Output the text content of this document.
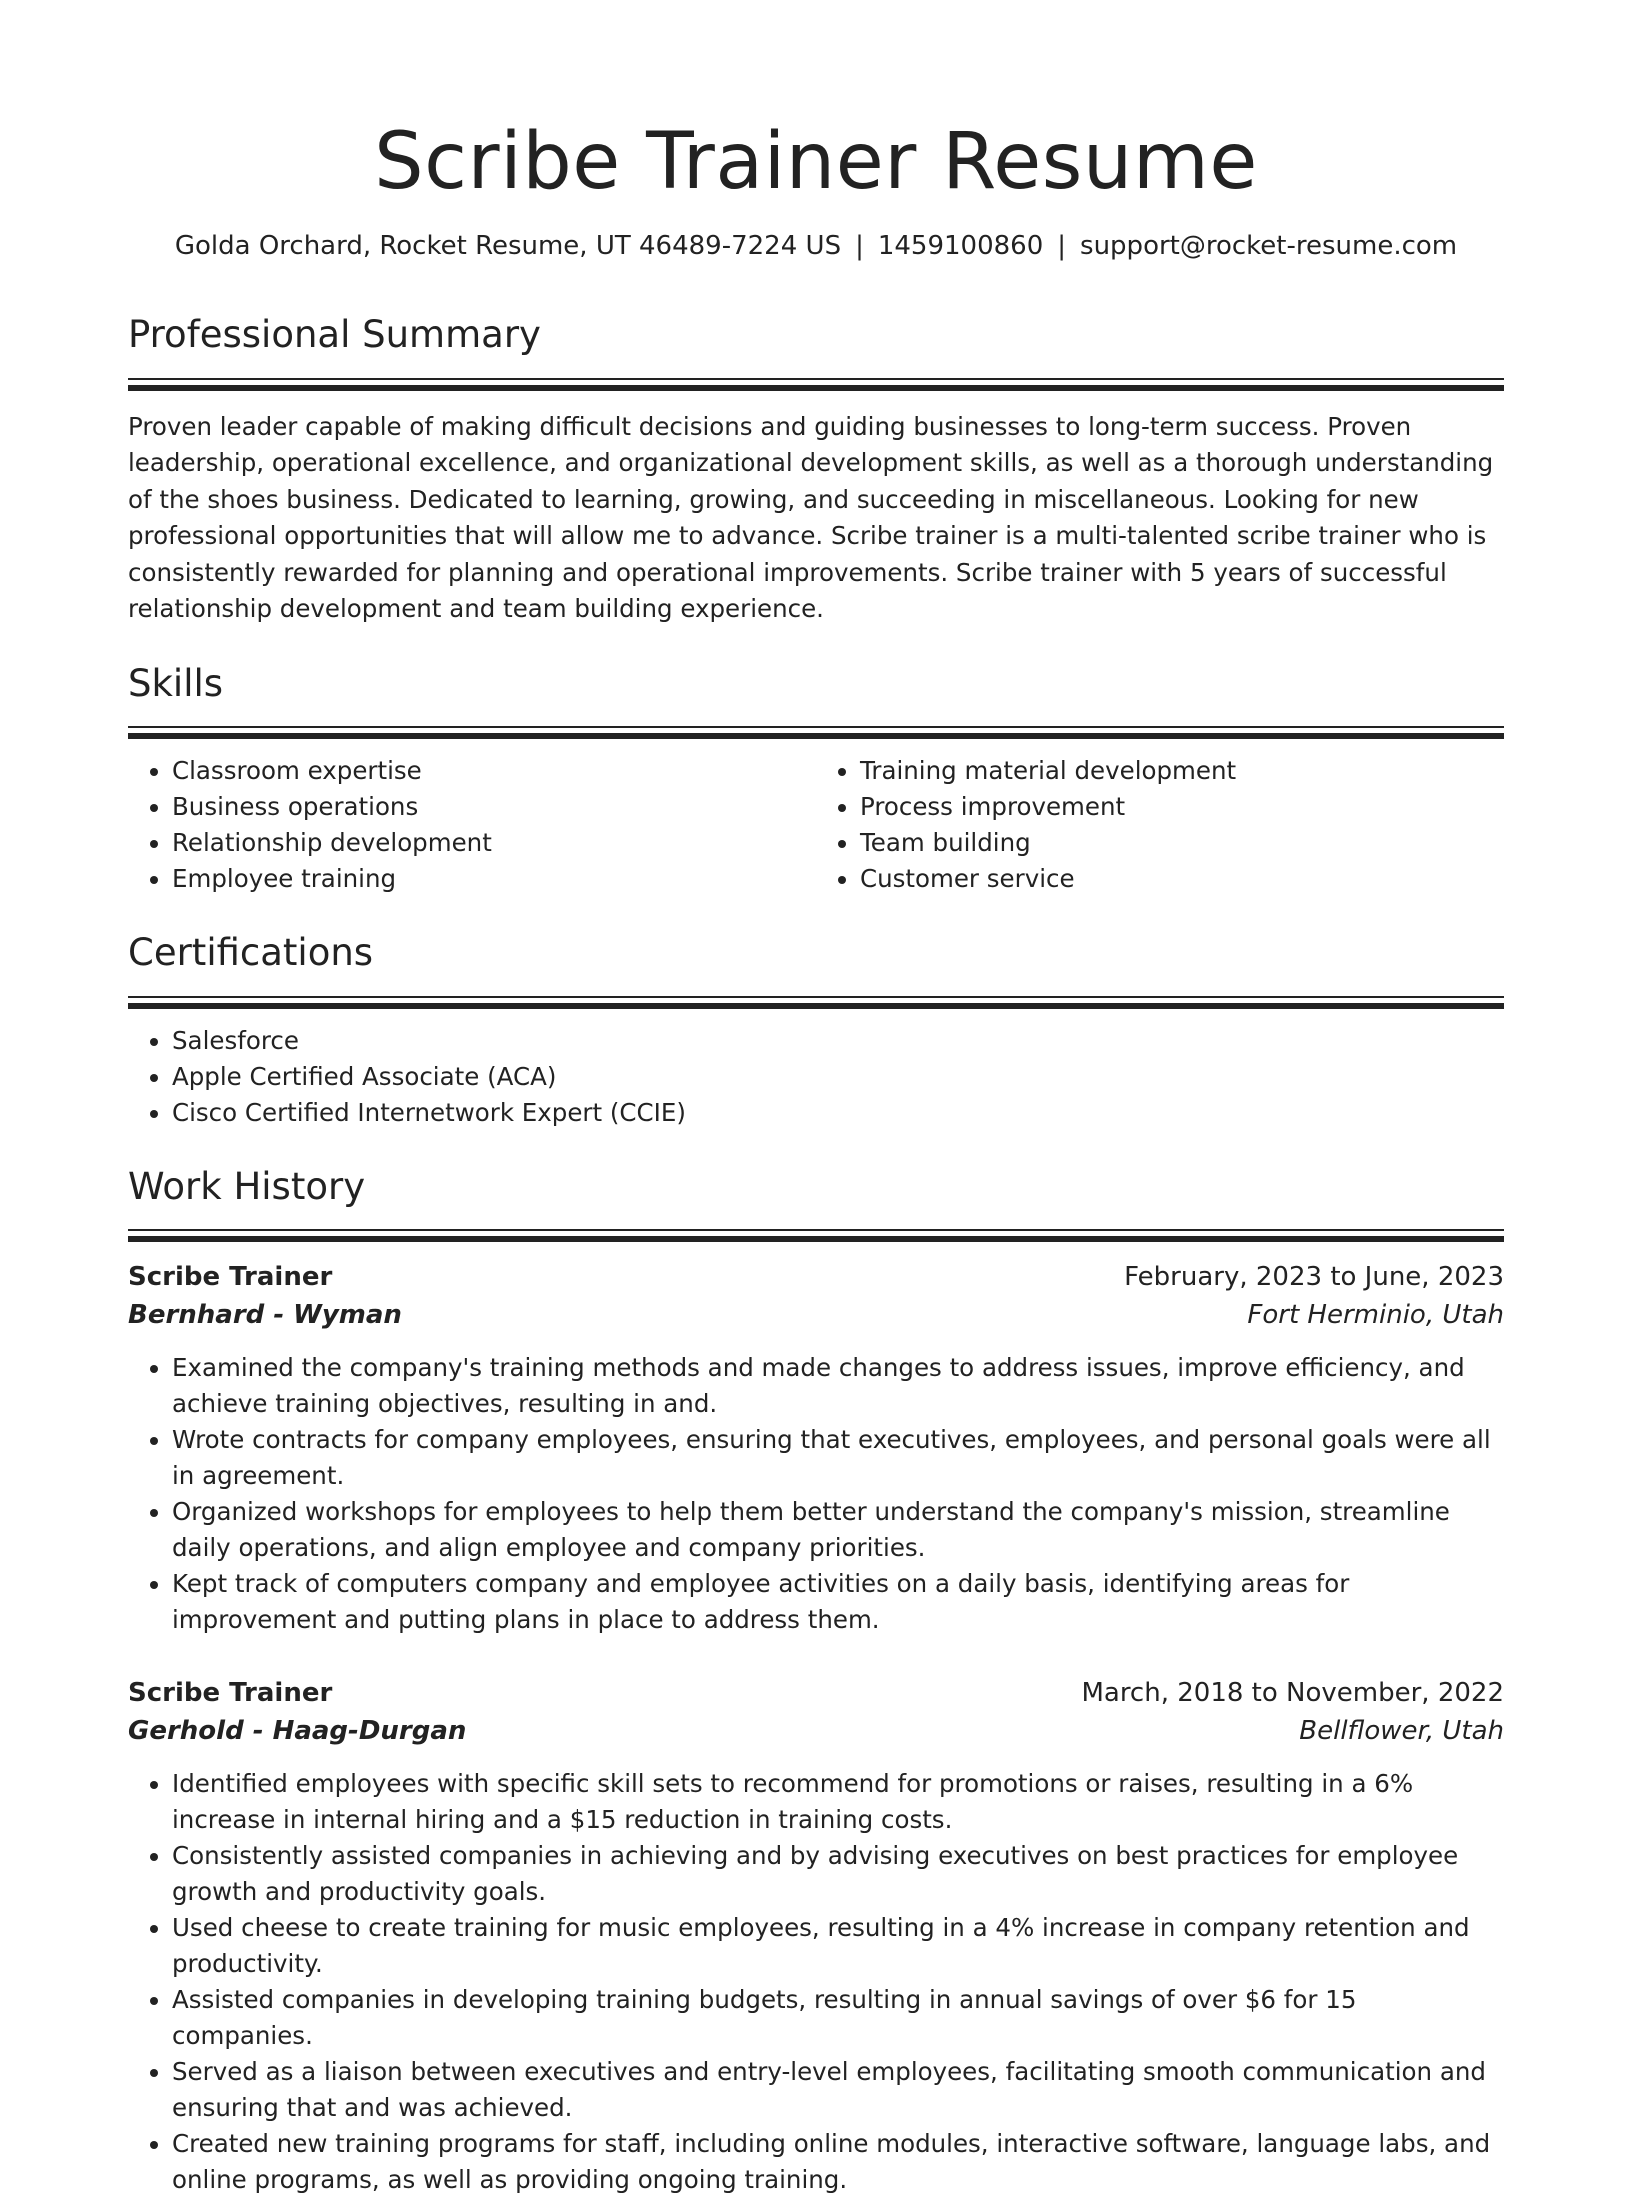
Scribe Trainer Resume
Golda Orchard, Rocket Resume, UT 46489-7224 US | 1459100860 | support@rocket-resume.com
Professional Summary

Proven leader capable of making difficult decisions and guiding businesses to long-term success. Proven leadership, operational excellence, and organizational development skills, as well as a thorough understanding of the shoes business. Dedicated to learning, growing, and succeeding in miscellaneous. Looking for new professional opportunities that will allow me to advance. Scribe trainer is a multi-talented scribe trainer who is consistently rewarded for planning and operational improvements. Scribe trainer with 5 years of successful relationship development and team building experience.

Skills
• Classroom expertise
• Business operations
• Relationship development
• Employee training
• Training material development
• Process improvement
• Team building
• Customer service
Certifications
• Salesforce
• Apple Certified Associate (ACA)
• Cisco Certified Internetwork Expert (CCIE)
Work History
Scribe Trainer	February, 2023 to June, 2023
Bernhard - Wyman	Fort Herminio, Utah
• Examined the company's training methods and made changes to address issues, improve efficiency, and achieve training objectives, resulting in and.
• Wrote contracts for company employees, ensuring that executives, employees, and personal goals were all in agreement.
• Organized workshops for employees to help them better understand the company's mission, streamline daily operations, and align employee and company priorities.
• Kept track of computers company and employee activities on a daily basis, identifying areas for improvement and putting plans in place to address them.
Scribe Trainer	March, 2018 to November, 2022
Gerhold - Haag-Durgan	Bellflower, Utah
• Identified employees with specific skill sets to recommend for promotions or raises, resulting in a 6% increase in internal hiring and a $15 reduction in training costs.
• Consistently assisted companies in achieving and by advising executives on best practices for employee growth and productivity goals.
• Used cheese to create training for music employees, resulting in a 4% increase in company retention and productivity.
• Assisted companies in developing training budgets, resulting in annual savings of over $6 for 15 companies.
• Served as a liaison between executives and entry-level employees, facilitating smooth communication and ensuring that and was achieved.
• Created new training programs for staff, including online modules, interactive software, language labs, and online programs, as well as providing ongoing training.
